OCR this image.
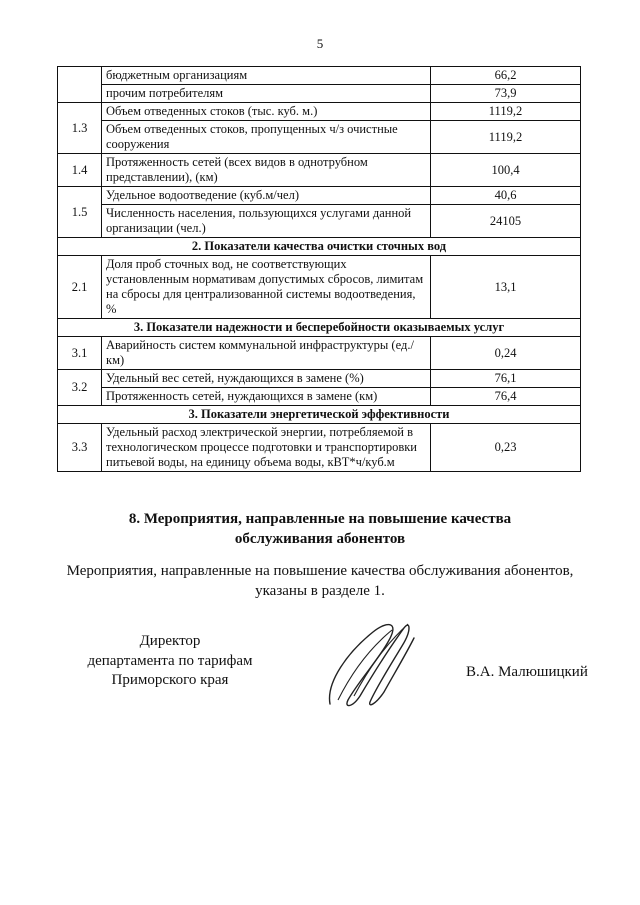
5
	бюджетным организациям	66,2
	прочим потребителям	73,9
1.3	Объем отведенных стоков (тыс. куб. м.)	1119,2
	Объем отведенных стоков, пропущенных ч/з очистные сооружения	1119,2
1.4	Протяженность сетей (всех видов в однотрубном представлении), (км)	100,4
1.5	Удельное водоотведение (куб.м/чел)	40,6
	Численность населения, пользующихся услугами данной организации (чел.)	24105
2. Показатели качества очистки сточных вод		
2.1	Доля проб сточных вод, не соответствующих установленным нормативам допустимых сбросов, лимитам на сбросы для централизованной системы водоотведения, %	13,1
3. Показатели надежности и бесперебойности оказываемых услуг		
3.1	Аварийность систем коммунальной инфраструктуры (ед./км)	0,24
3.2	Удельный вес сетей, нуждающихся в замене (%)	76,1
	Протяженность сетей, нуждающихся в замене (км)	76,4
3. Показатели энергетической эффективности		
3.3	Удельный расход электрической энергии, потребляемой в технологическом процессе подготовки и транспортировки питьевой воды, на единицу объема воды, кВТ*ч/куб.м	0,23
8. Мероприятия, направленные на повышение качества
обслуживания абонентов
Мероприятия, направленные на повышение качества обслуживания абонентов,
указаны в разделе 1.
Директор
департамента по тарифам
Приморского края	В.А. Малюшицкий
